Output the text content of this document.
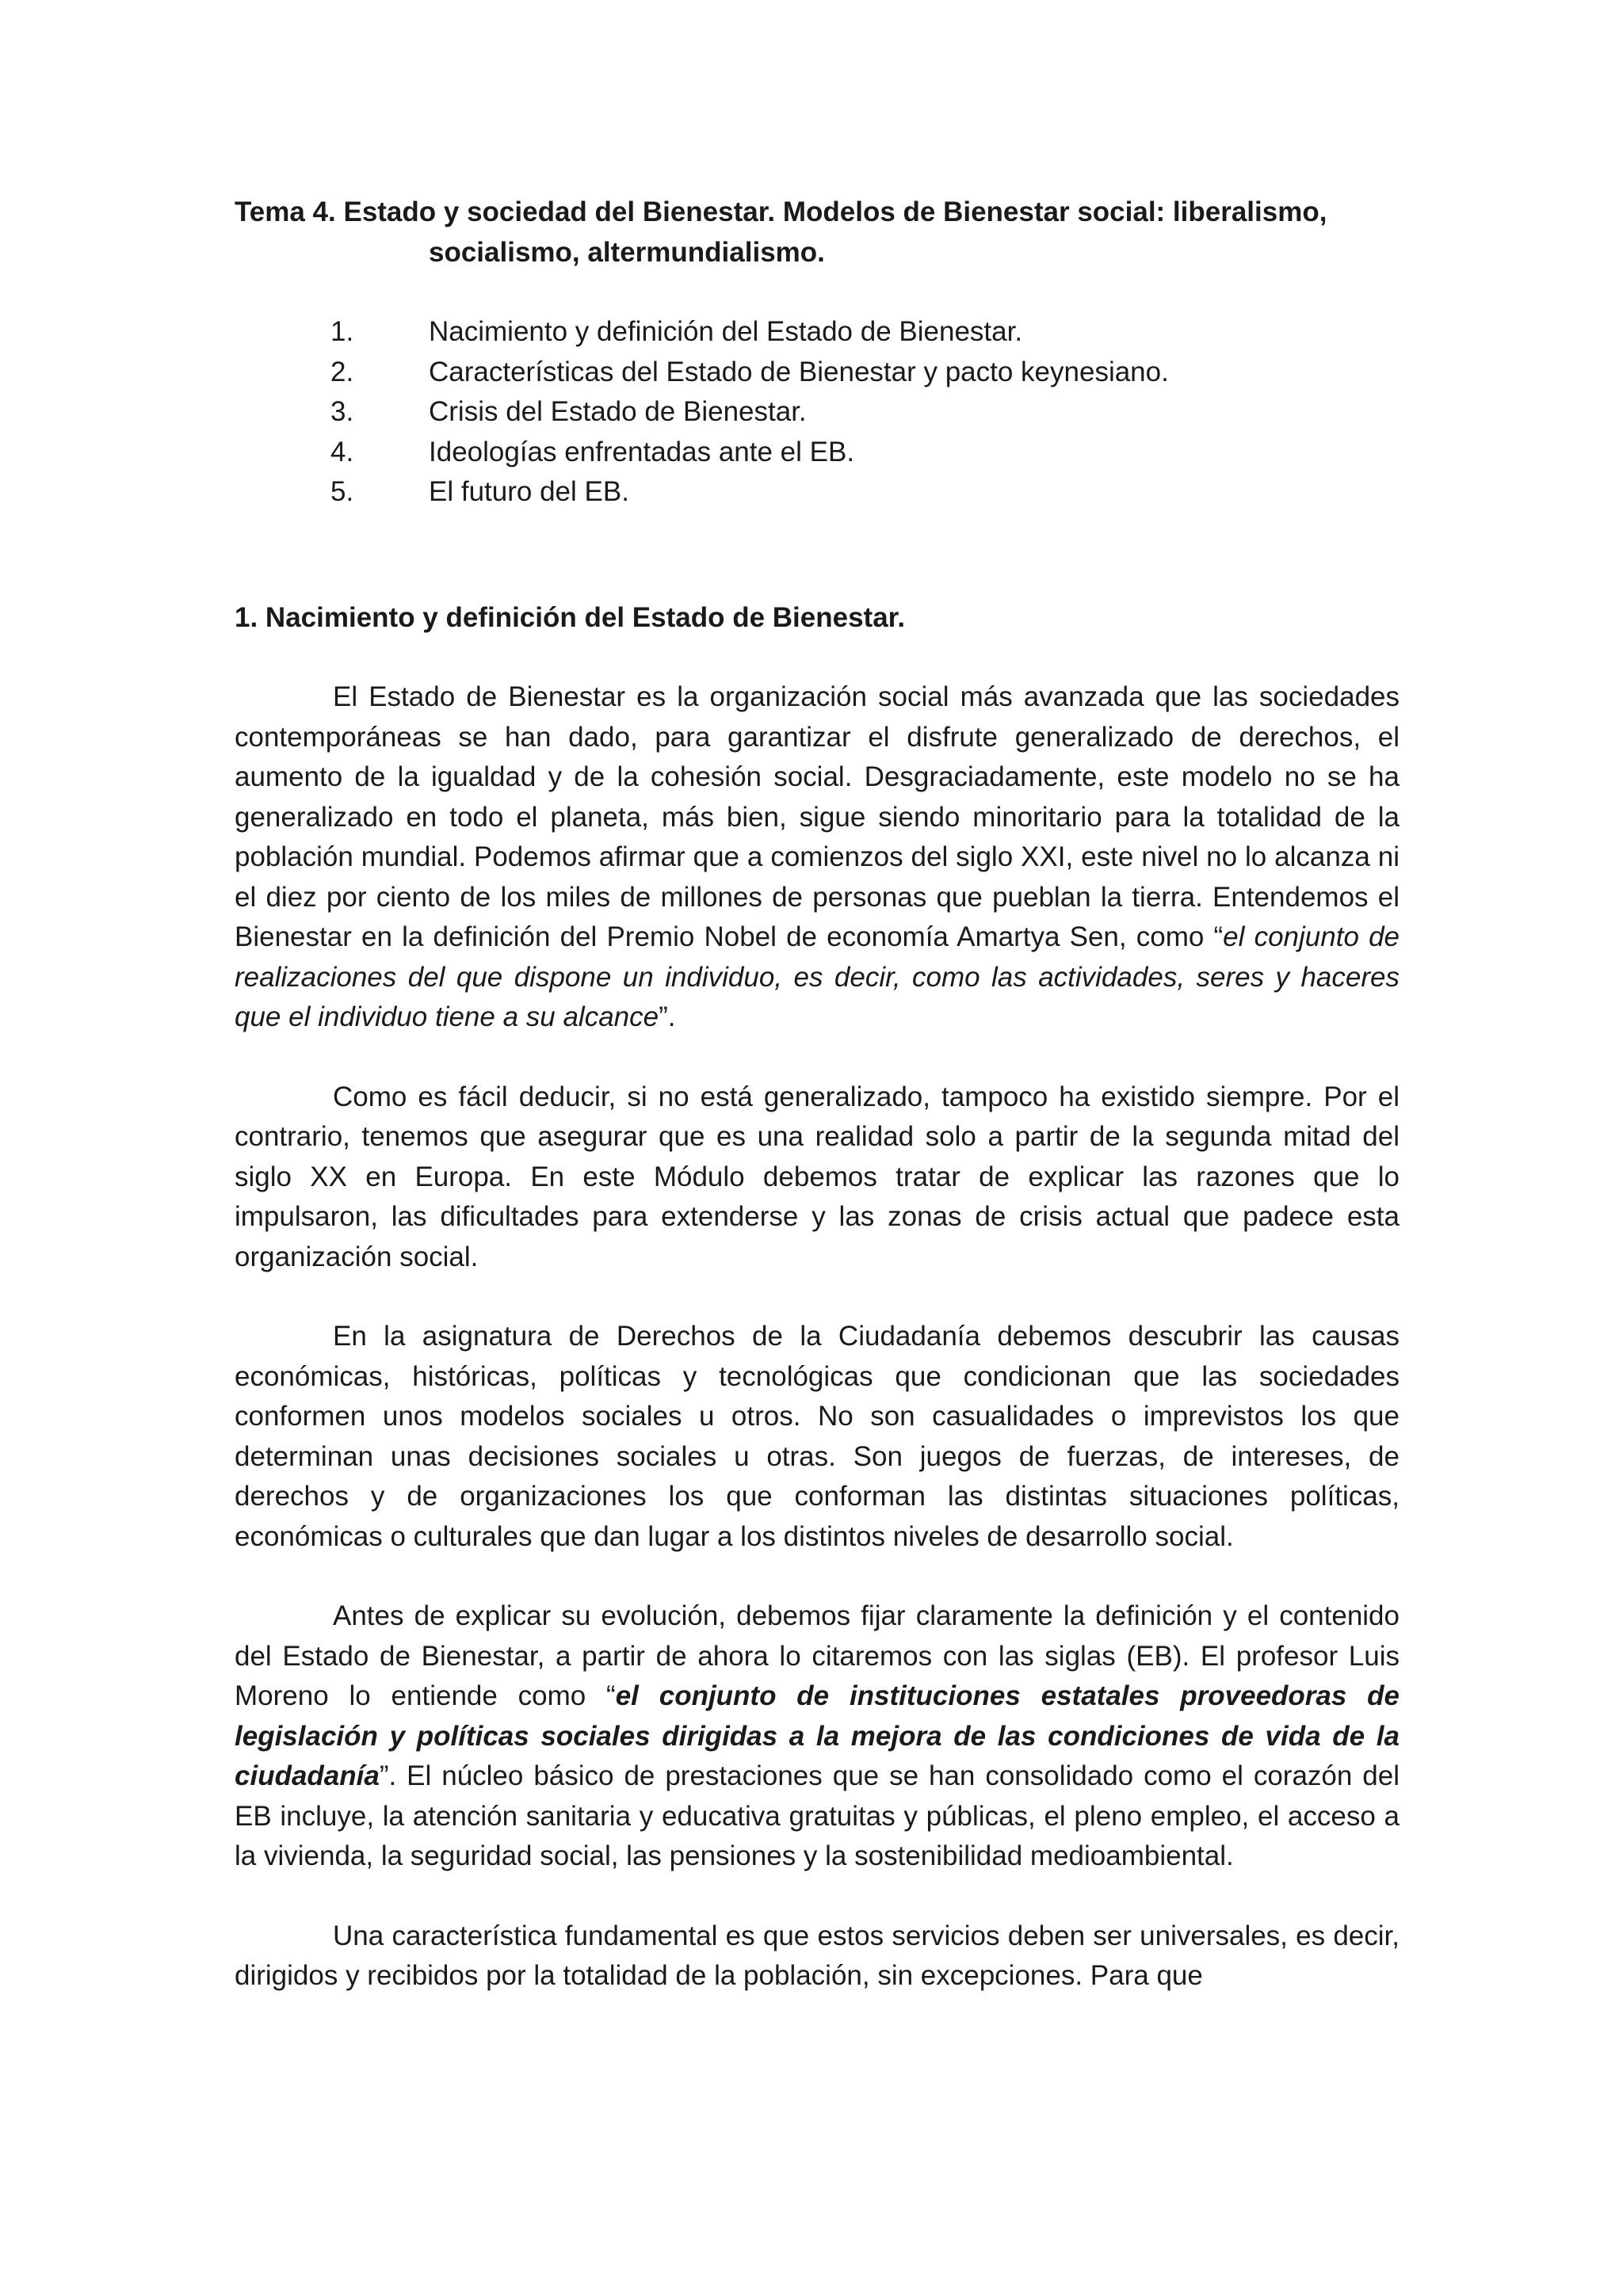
Tema 4. Estado y sociedad del Bienestar. Modelos de Bienestar social: liberalismo,
socialismo, altermundialismo.

1.	Nacimiento y definición del Estado de Bienestar.
2.	Características del Estado de Bienestar y pacto keynesiano.
3.	Crisis del Estado de Bienestar.
4.	Ideologías enfrentadas ante el EB.
5.	El futuro del EB.

1. Nacimiento y definición del Estado de Bienestar.

El Estado de Bienestar es la organización social más avanzada que las sociedades contemporáneas se han dado, para garantizar el disfrute generalizado de derechos, el aumento de la igualdad y de la cohesión social. Desgraciadamente, este modelo no se ha generalizado en todo el planeta, más bien, sigue siendo minoritario para la totalidad de la población mundial. Podemos afirmar que a comienzos del siglo XXI, este nivel no lo alcanza ni el diez por ciento de los miles de millones de personas que pueblan la tierra. Entendemos el Bienestar en la definición del Premio Nobel de economía Amartya Sen, como “el conjunto de realizaciones del que dispone un individuo, es decir, como las actividades, seres y haceres que el individuo tiene a su alcance”.

Como es fácil deducir, si no está generalizado, tampoco ha existido siempre. Por el contrario, tenemos que asegurar que es una realidad solo a partir de la segunda mitad del siglo XX en Europa. En este Módulo debemos tratar de explicar las razones que lo impulsaron, las dificultades para extenderse y las zonas de crisis actual que padece esta organización social.

En la asignatura de Derechos de la Ciudadanía debemos descubrir las causas económicas, históricas, políticas y tecnológicas que condicionan que las sociedades conformen unos modelos sociales u otros. No son casualidades o imprevistos los que determinan unas decisiones sociales u otras. Son juegos de fuerzas, de intereses, de derechos y de organizaciones los que conforman las distintas situaciones políticas, económicas o culturales que dan lugar a los distintos niveles de desarrollo social.

Antes de explicar su evolución, debemos fijar claramente la definición y el contenido del Estado de Bienestar, a partir de ahora lo citaremos con las siglas (EB). El profesor Luis Moreno lo entiende como “el conjunto de instituciones estatales proveedoras de legislación y políticas sociales dirigidas a la mejora de las condiciones de vida de la ciudadanía”. El núcleo básico de prestaciones que se han consolidado como el corazón del EB incluye, la atención sanitaria y educativa gratuitas y públicas, el pleno empleo, el acceso a la vivienda, la seguridad social, las pensiones y la sostenibilidad medioambiental.

Una característica fundamental es que estos servicios deben ser universales, es decir, dirigidos y recibidos por la totalidad de la población, sin excepciones. Para que
